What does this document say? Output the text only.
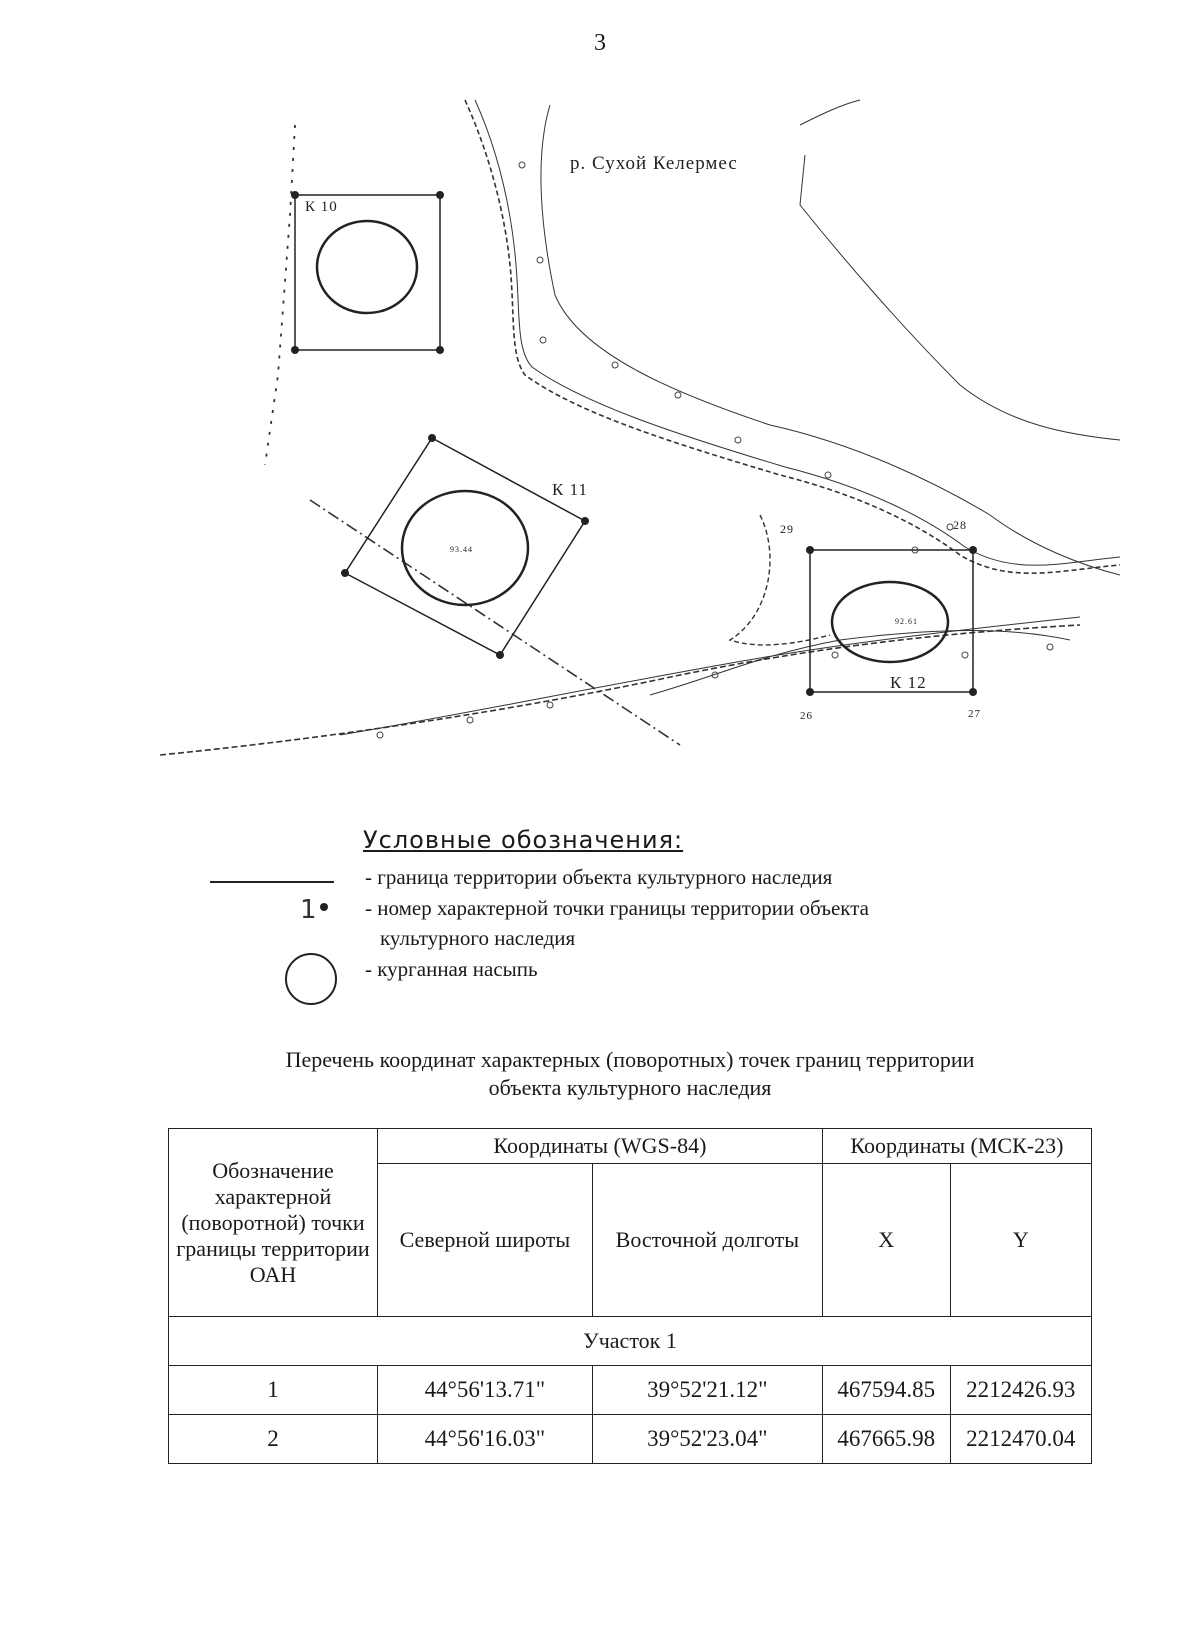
3
р. Сухой Келермес
К 10
К 11
К 12
28
29
26	27
93.44
92.61
Условные обозначения:
- граница территории объекта культурного наследия
1	- номер характерной точки границы территории объекта
культурного наследия
- курганная насыпь
Перечень координат характерных (поворотных) точек границ территории
объекта культурного наследия
Обозначение характерной (поворотной) точки границы территории ОАН	Координаты (WGS-84)		Координаты (МСК-23)	
	Северной широты	Восточной долготы	X	Y
Участок 1				
1	44°56'13.71"	39°52'21.12"	467594.85	2212426.93
2	44°56'16.03"	39°52'23.04"	467665.98	2212470.04
